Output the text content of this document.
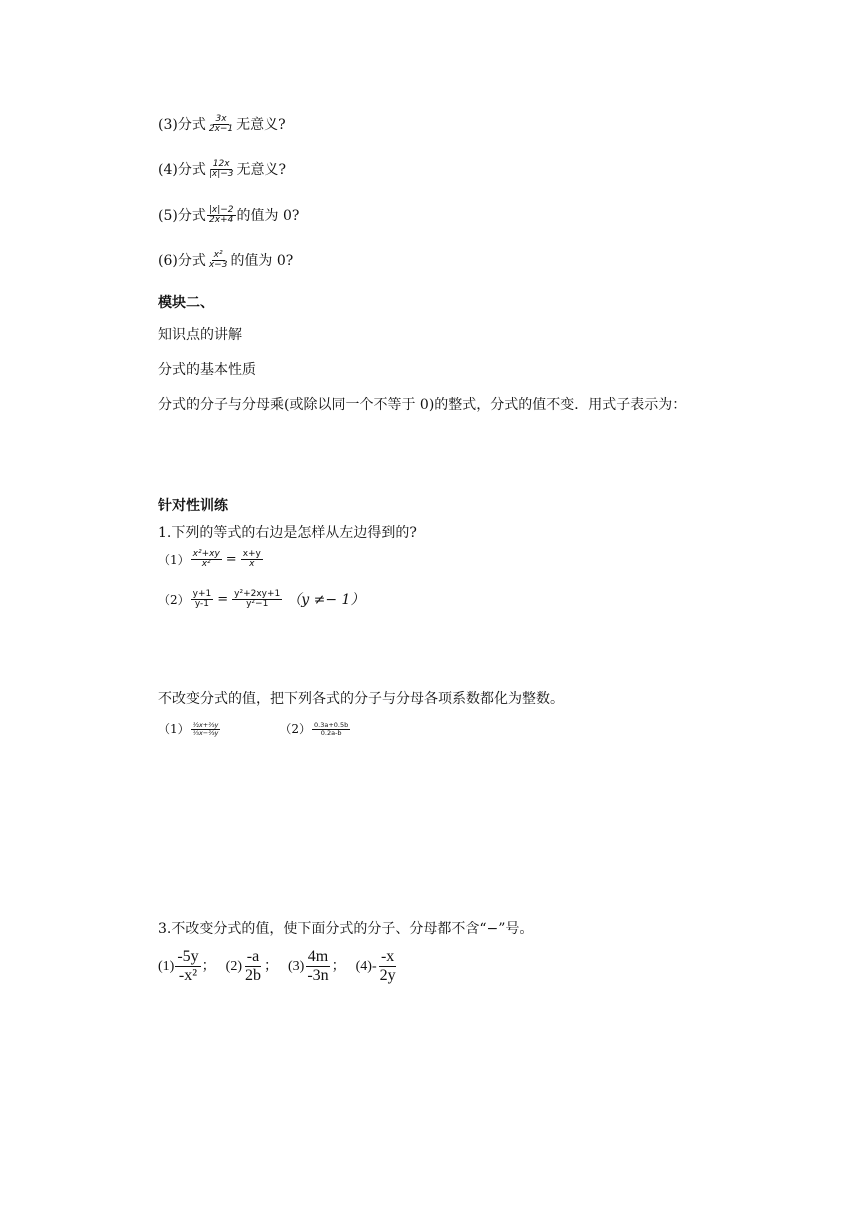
(3)分式 $\frac{3x}{2x-1}$ 无意义?
(4)分式 $\frac{12x}{|x|-3}$ 无意义?
(5)分式 $\frac{|x|-2}{2x+4}$ 的值为 0?
(6)分式 $\frac{\text{x²}}{x-3}$ 的值为 0?
模块二、
知识点的讲解
分式的基本性质
分式的分子与分母乘(或除以同一个不等于 0)的整式，分式的值不变．用式子表示为：
针对性训练
1.下列的等式的右边是怎样从左边得到的?
$(1) \frac{\text{x²+xy}}{\text{x²}} = \frac{x+y}{x}$
$(2) \frac{y+1}{y-1} = \frac{\text{y²+2xy+1}}{\text{y²−1}} (y \ne- 1)$
不改变分式的值，把下列各式的分子与分母各项系数都化为整数。
$(1) \frac{\text{½x+⅔y}}{\text{⅓x−⅔y}}$	$(2) \frac{0.3a+0.5b}{0.2a-b}$
3.不改变分式的值，使下面分式的分子、分母都不含“−”号。
$(1) \frac{-5y}{\text{-x²}}$ ； $(2) \frac{-a}{2b}$ ； $(3) \frac{4m}{-3n}$ ； $(4)- \frac{-x}{2y}$
